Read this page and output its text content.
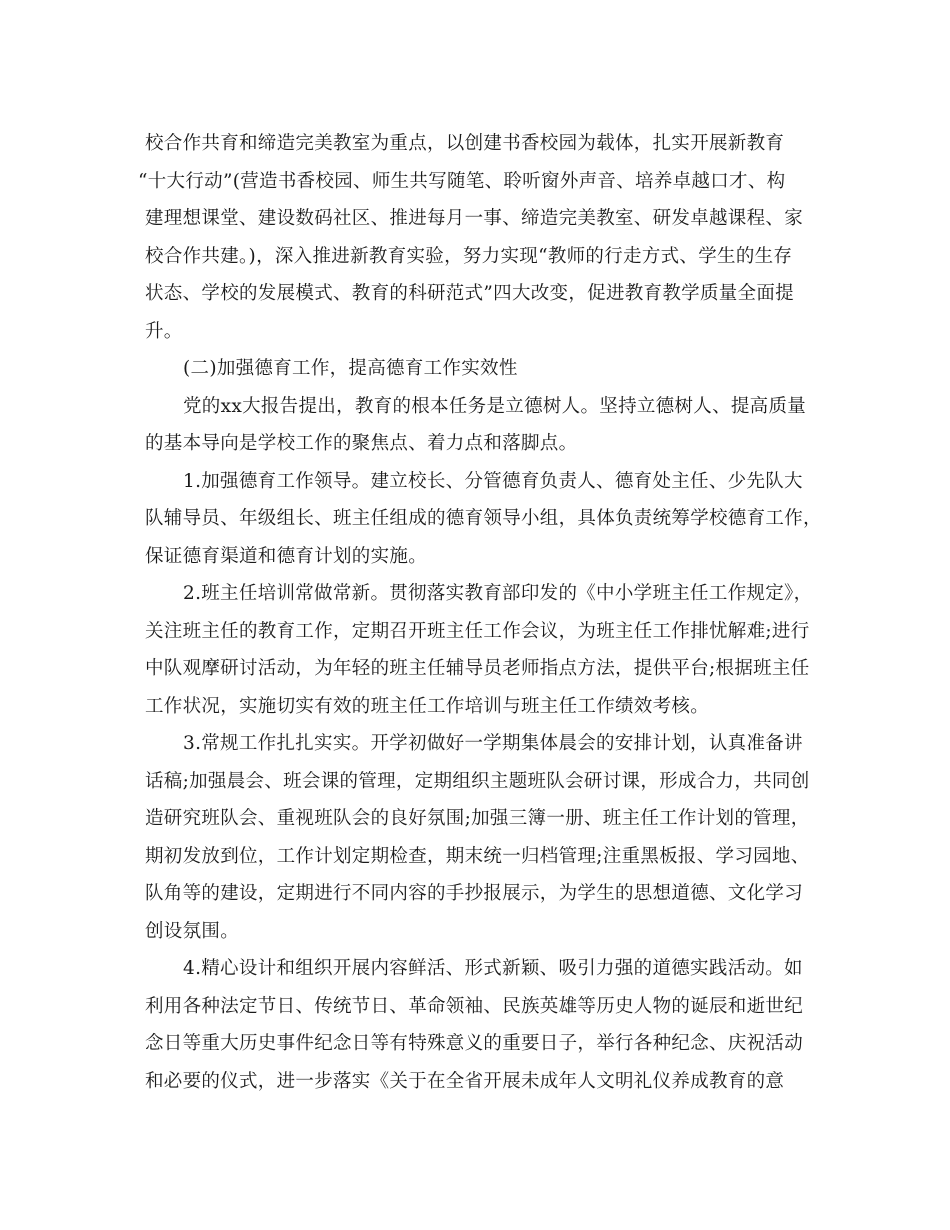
校合作共育和缔造完美教室为重点，以创建书香校园为载体，扎实开展新教育
“十大行动”(营造书香校园、师生共写随笔、聆听窗外声音、培养卓越口才、构
建理想课堂、建设数码社区、推进每月一事、缔造完美教室、研发卓越课程、家
校合作共建。)，深入推进新教育实验，努力实现“教师的行走方式、学生的生存
状态、学校的发展模式、教育的科研范式”四大改变，促进教育教学质量全面提
升。
(二)加强德育工作，提高德育工作实效性
党的xx大报告提出，教育的根本任务是立德树人。坚持立德树人、提高质量
的基本导向是学校工作的聚焦点、着力点和落脚点。
1.加强德育工作领导。建立校长、分管德育负责人、德育处主任、少先队大
队辅导员、年级组长、班主任组成的德育领导小组，具体负责统筹学校德育工作，
保证德育渠道和德育计划的实施。
2.班主任培训常做常新。贯彻落实教育部印发的《中小学班主任工作规定》，
关注班主任的教育工作，定期召开班主任工作会议，为班主任工作排忧解难;进行
中队观摩研讨活动，为年轻的班主任辅导员老师指点方法，提供平台;根据班主任
工作状况，实施切实有效的班主任工作培训与班主任工作绩效考核。
3.常规工作扎扎实实。开学初做好一学期集体晨会的安排计划，认真准备讲
话稿;加强晨会、班会课的管理，定期组织主题班队会研讨课，形成合力，共同创
造研究班队会、重视班队会的良好氛围;加强三簿一册、班主任工作计划的管理，
期初发放到位，工作计划定期检查，期末统一归档管理;注重黑板报、学习园地、
队角等的建设，定期进行不同内容的手抄报展示，为学生的思想道德、文化学习
创设氛围。
4.精心设计和组织开展内容鲜活、形式新颖、吸引力强的道德实践活动。如
利用各种法定节日、传统节日、革命领袖、民族英雄等历史人物的诞辰和逝世纪
念日等重大历史事件纪念日等有特殊意义的重要日子，举行各种纪念、庆祝活动
和必要的仪式，进一步落实《关于在全省开展未成年人文明礼仪养成教育的意
